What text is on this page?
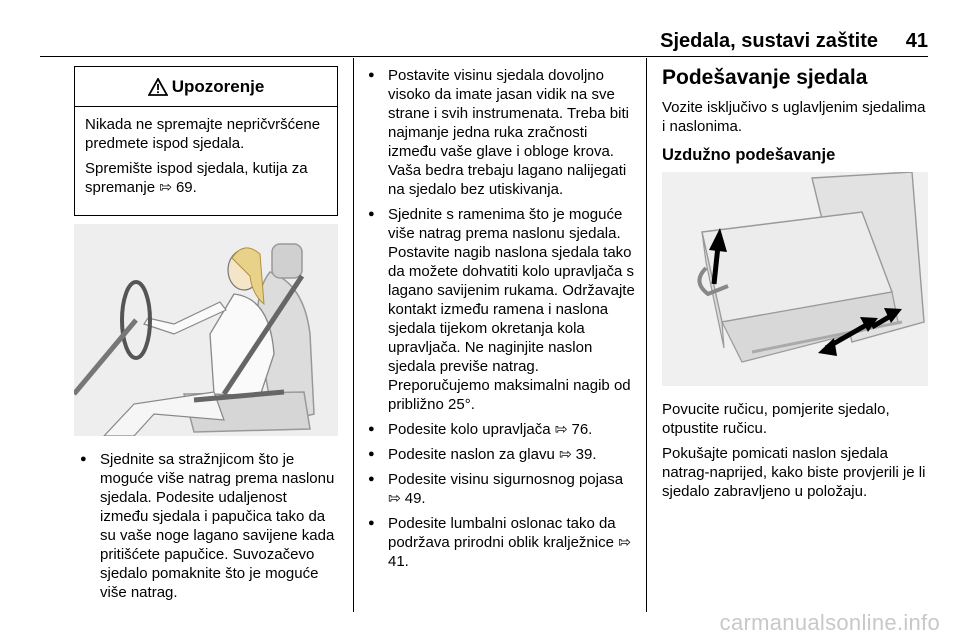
Sjedala, sustavi zaštite 41
Upozorenje

Nikada ne spremajte nepričvršćene predmete ispod sjedala.

Spremište ispod sjedala, kutija za spremanje ⇰ 69.

● Sjednite sa stražnjicom što je moguće više natrag prema naslonu sjedala. Podesite udaljenost između sjedala i papučica tako da su vaše noge lagano savijene kada pritišćete papučice. Suvozačevo sjedalo pomaknite što je moguće više natrag.
● Postavite visinu sjedala dovoljno visoko da imate jasan vidik na sve strane i svih instrumenata. Treba biti najmanje jedna ruka zračnosti između vaše glave i obloge krova. Vaša bedra trebaju lagano nalijegati na sjedalo bez utiskivanja.
● Sjednite s ramenima što je moguće više natrag prema naslonu sjedala. Postavite nagib naslona sjedala tako da možete dohvatiti kolo upravljača s lagano savijenim rukama. Održavajte kontakt između ramena i naslona sjedala tijekom okretanja kola upravljača. Ne naginjite naslon sjedala previše natrag. Preporučujemo maksimalni nagib od približno 25°.
● Podesite kolo upravljača ⇰ 76.
● Podesite naslon za glavu ⇰ 39.
● Podesite visinu sigurnosnog pojasa ⇰ 49.
● Podesite lumbalni oslonac tako da podržava prirodni oblik kralježnice ⇰ 41.
Podešavanje sjedala

Vozite isključivo s uglavljenim sjedalima i naslonima.

Uzdužno podešavanje

Povucite ručicu, pomjerite sjedalo, otpustite ručicu.

Pokušajte pomicati naslon sjedala natrag-naprijed, kako biste provjerili je li sjedalo zabravljeno u položaju.

carmanualsonline.info
